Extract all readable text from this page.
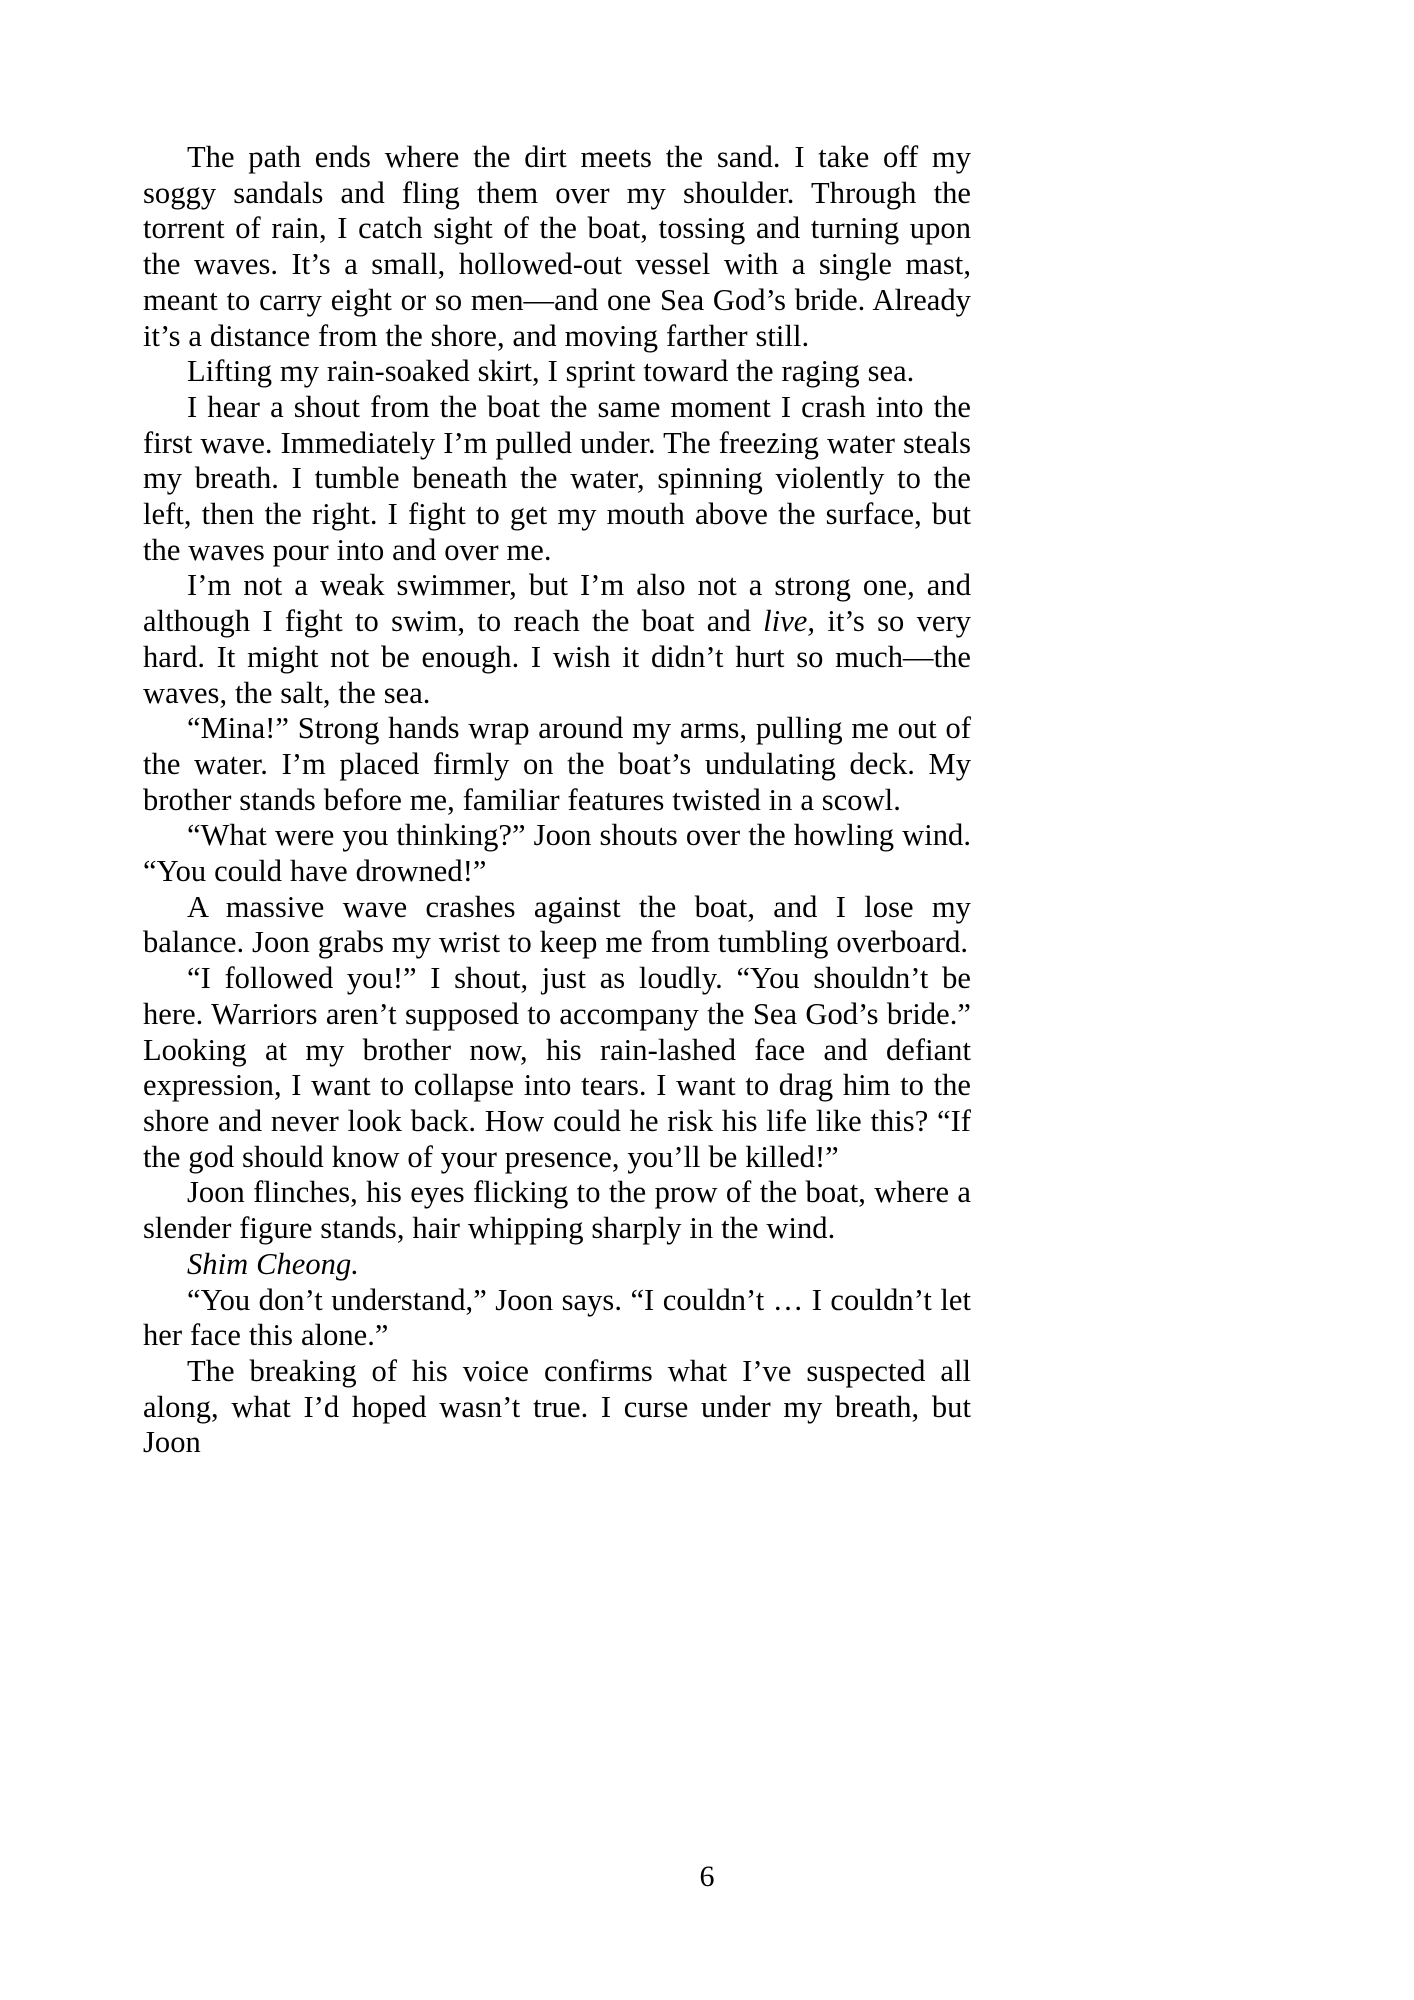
The path ends where the dirt meets the sand. I take off my soggy sandals and fling them over my shoulder. Through the torrent of rain, I catch sight of the boat, tossing and turning upon the waves. It’s a small, hollowed-out vessel with a single mast, meant to carry eight or so men—and one Sea God’s bride. Already it’s a distance from the shore, and moving farther still.

Lifting my rain-soaked skirt, I sprint toward the raging sea.

I hear a shout from the boat the same moment I crash into the first wave. Immediately I’m pulled under. The freezing water steals my breath. I tumble beneath the water, spinning violently to the left, then the right. I fight to get my mouth above the surface, but the waves pour into and over me.

I’m not a weak swimmer, but I’m also not a strong one, and although I fight to swim, to reach the boat and live, it’s so very hard. It might not be enough. I wish it didn’t hurt so much—the waves, the salt, the sea.

“Mina!” Strong hands wrap around my arms, pulling me out of the water. I’m placed firmly on the boat’s undulating deck. My brother stands before me, familiar features twisted in a scowl.

“What were you thinking?” Joon shouts over the howling wind. “You could have drowned!”

A massive wave crashes against the boat, and I lose my balance. Joon grabs my wrist to keep me from tumbling overboard.

“I followed you!” I shout, just as loudly. “You shouldn’t be here. Warriors aren’t supposed to accompany the Sea God’s bride.” Looking at my brother now, his rain-lashed face and defiant expression, I want to collapse into tears. I want to drag him to the shore and never look back. How could he risk his life like this? “If the god should know of your presence, you’ll be killed!”

Joon flinches, his eyes flicking to the prow of the boat, where a slender figure stands, hair whipping sharply in the wind.

Shim Cheong.

“You don’t understand,” Joon says. “I couldn’t … I couldn’t let her face this alone.”

The breaking of his voice confirms what I’ve suspected all along, what I’d hoped wasn’t true. I curse under my breath, but Joon

6
